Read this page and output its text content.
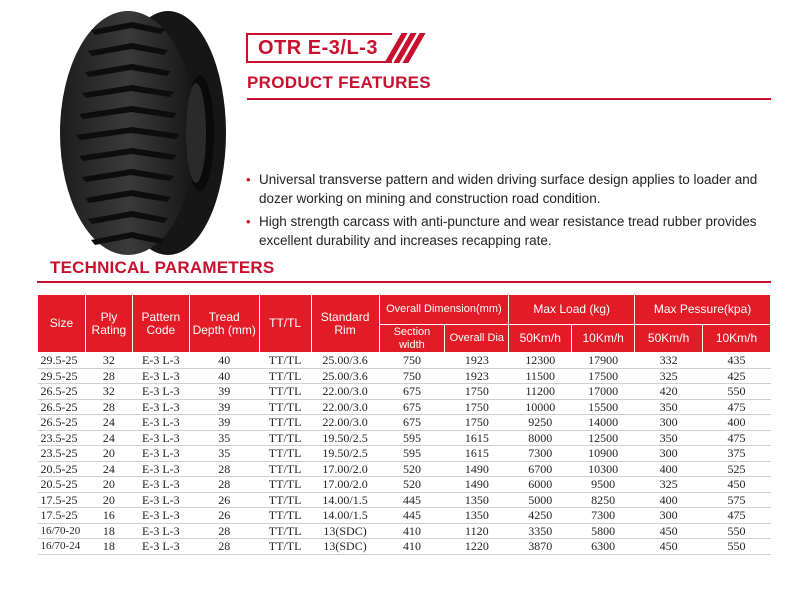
OTR E-3/L-3
PRODUCT FEATURES
• Universal transverse pattern and widen driving surface design applies to loader and dozer working on mining and construction road condition.
• High strength carcass with anti-puncture and wear resistance tread rubber provides excellent durability and increases recapping rate.
TECHNICAL PARAMETERS
Size	Ply Rating	Pattern Code	Tread Depth (mm)	TT/TL	Standard Rim	Overall Dimension(mm)		Max Load (kg)		Max Pessure(kpa)	
						Section width	Overall Dia	50Km/h	10Km/h	50Km/h	10Km/h
29.5-25	32	E-3 L-3	40	TT/TL	25.00/3.6	750	1923	12300	17900	332	435
29.5-25	28	E-3 L-3	40	TT/TL	25.00/3.6	750	1923	11500	17500	325	425
26.5-25	32	E-3 L-3	39	TT/TL	22.00/3.0	675	1750	11200	17000	420	550
26.5-25	28	E-3 L-3	39	TT/TL	22.00/3.0	675	1750	10000	15500	350	475
26.5-25	24	E-3 L-3	39	TT/TL	22.00/3.0	675	1750	9250	14000	300	400
23.5-25	24	E-3 L-3	35	TT/TL	19.50/2.5	595	1615	8000	12500	350	475
23.5-25	20	E-3 L-3	35	TT/TL	19.50/2.5	595	1615	7300	10900	300	375
20.5-25	24	E-3 L-3	28	TT/TL	17.00/2.0	520	1490	6700	10300	400	525
20.5-25	20	E-3 L-3	28	TT/TL	17.00/2.0	520	1490	6000	9500	325	450
17.5-25	20	E-3 L-3	26	TT/TL	14.00/1.5	445	1350	5000	8250	400	575
17.5-25	16	E-3 L-3	26	TT/TL	14.00/1.5	445	1350	4250	7300	300	475
16/70-20	18	E-3 L-3	28	TT/TL	13(SDC)	410	1120	3350	5800	450	550
16/70-24	18	E-3 L-3	28	TT/TL	13(SDC)	410	1220	3870	6300	450	550
